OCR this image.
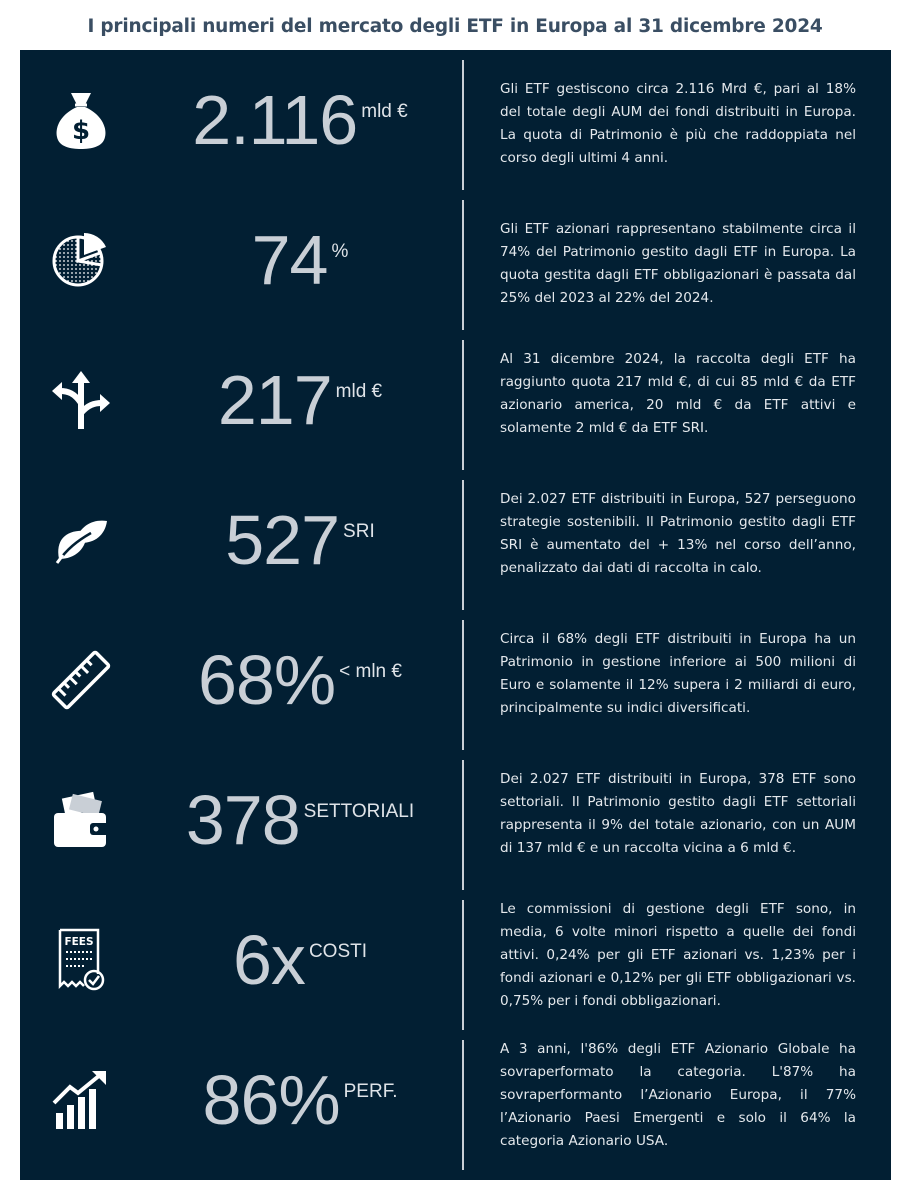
I principali numeri del mercato degli ETF in Europa al 31 dicembre 2024
$ 2.116 mld €
Gli ETF gestiscono circa 2.116 Mrd €, pari al 18% del totale degli AUM dei fondi distribuiti in Europa. La quota di Patrimonio è più che raddoppiata nel corso degli ultimi 4 anni.
74 %
Gli ETF azionari rappresentano stabilmente circa il 74% del Patrimonio gestito dagli ETF in Europa. La quota gestita dagli ETF obbligazionari è passata dal 25% del 2023 al 22% del 2024.
217 mld €
Al 31 dicembre 2024, la raccolta degli ETF ha raggiunto quota 217 mld €, di cui 85 mld € da ETF azionario america, 20 mld € da ETF attivi e solamente 2 mld € da ETF SRI.
527 SRI
Dei 2.027 ETF distribuiti in Europa, 527 perseguono strategie sostenibili. Il Patrimonio gestito dagli ETF SRI è aumentato del + 13% nel corso dell’anno, penalizzato dai dati di raccolta in calo.
68% < mln €
Circa il 68% degli ETF distribuiti in Europa ha un Patrimonio in gestione inferiore ai 500 milioni di Euro e solamente il 12% supera i 2 miliardi di euro, principalmente su indici diversificati.
378 SETTORIALI
Dei 2.027 ETF distribuiti in Europa, 378 ETF sono settoriali. Il Patrimonio gestito dagli ETF settoriali rappresenta il 9% del totale azionario, con un AUM di 137 mld € e un raccolta vicina a 6 mld €.
FEES 6x COSTI
Le commissioni di gestione degli ETF sono, in media, 6 volte minori rispetto a quelle dei fondi attivi. 0,24% per gli ETF azionari vs. 1,23% per i fondi azionari e 0,12% per gli ETF obbligazionari vs. 0,75% per i fondi obbligazionari.
86% PERF.
A 3 anni, l'86% degli ETF Azionario Globale ha sovraperformato la categoria. L'87% ha sovraperformanto l’Azionario Europa, il 77% l’Azionario Paesi Emergenti e solo il 64% la categoria Azionario USA.
